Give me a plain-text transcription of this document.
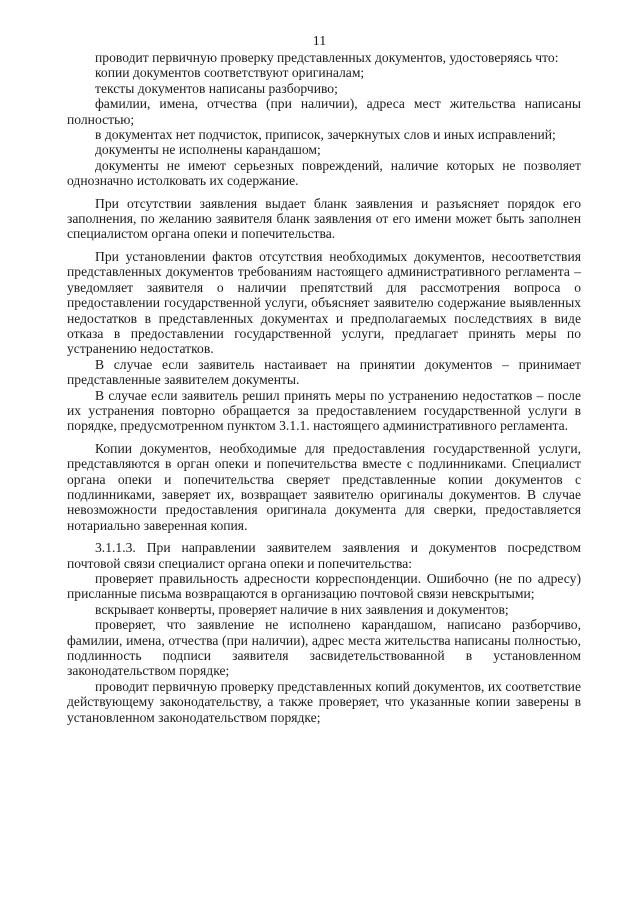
11

проводит первичную проверку представленных документов, удостоверяясь что:

копии документов соответствуют оригиналам;

тексты документов написаны разборчиво;

фамилии, имена, отчества (при наличии), адреса мест жительства написаны полностью;

в документах нет подчисток, приписок, зачеркнутых слов и иных исправлений;

документы не исполнены карандашом;

документы не имеют серьезных повреждений, наличие которых не позволяет однозначно истолковать их содержание.

При отсутствии заявления выдает бланк заявления и разъясняет порядок его заполнения, по желанию заявителя бланк заявления от его имени может быть заполнен специалистом органа опеки и попечительства.

При установлении фактов отсутствия необходимых документов, несоответствия представленных документов требованиям настоящего административного регламента – уведомляет заявителя о наличии препятствий для рассмотрения вопроса о предоставлении государственной услуги, объясняет заявителю содержание выявленных недостатков в представленных документах и предполагаемых последствиях в виде отказа в предоставлении государственной услуги, предлагает принять меры по устранению недостатков.

В случае если заявитель настаивает на принятии документов – принимает представленные заявителем документы.

В случае если заявитель решил принять меры по устранению недостатков – после их устранения повторно обращается за предоставлением государственной услуги в порядке, предусмотренном пунктом 3.1.1. настоящего административного регламента.

Копии документов, необходимые для предоставления государственной услуги, представляются в орган опеки и попечительства вместе с подлинниками. Специалист органа опеки и попечительства сверяет представленные копии документов с подлинниками, заверяет их, возвращает заявителю оригиналы документов. В случае невозможности предоставления оригинала документа для сверки, предоставляется нотариально заверенная копия.

3.1.1.3. При направлении заявителем заявления и документов посредством почтовой связи специалист органа опеки и попечительства:

проверяет правильность адресности корреспонденции. Ошибочно (не по адресу) присланные письма возвращаются в организацию почтовой связи невскрытыми;

вскрывает конверты, проверяет наличие в них заявления и документов;

проверяет, что заявление не исполнено карандашом, написано разборчиво, фамилии, имена, отчества (при наличии), адрес места жительства написаны полностью, подлинность подписи заявителя засвидетельствованной в установленном законодательством порядке;

проводит первичную проверку представленных копий документов, их соответствие действующему законодательству, а также проверяет, что указанные копии заверены в установленном законодательством порядке;
